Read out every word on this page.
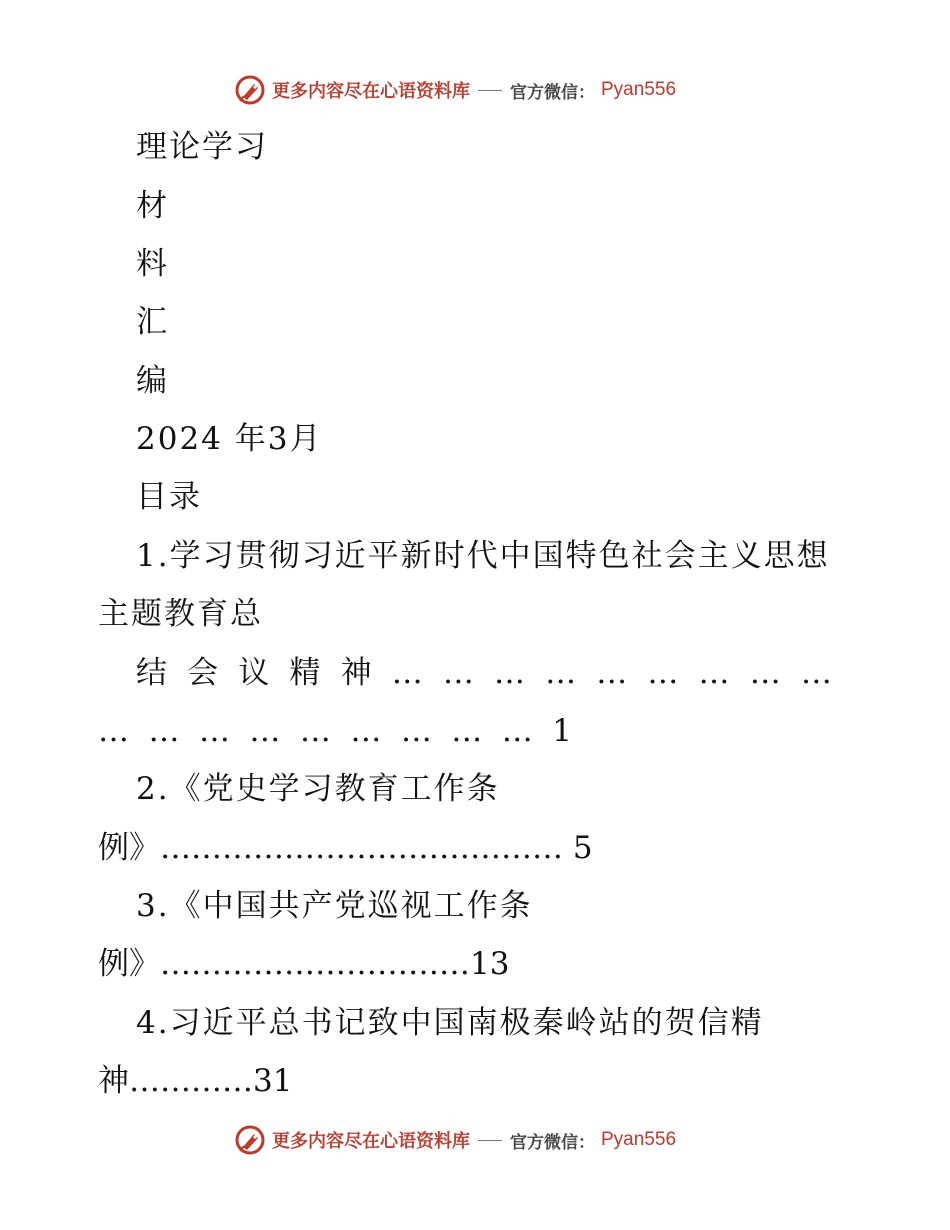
更多内容尽在心语资料库 官方微信： Pyan556
理论学习
材
料
汇
编
2024 年3月
目录
1.学习贯彻习近平新时代中国特色社会主义思想
主题教育总
结 会 议 精 神 … … … … … … … … …
… … … … … … … … … 1
2.《党史学习教育工作条
例》………………………………… 5
3.《中国共产党巡视工作条
例》…………………………13
4.习近平总书记致中国南极秦岭站的贺信精
神…………31
更多内容尽在心语资料库 官方微信： Pyan556
